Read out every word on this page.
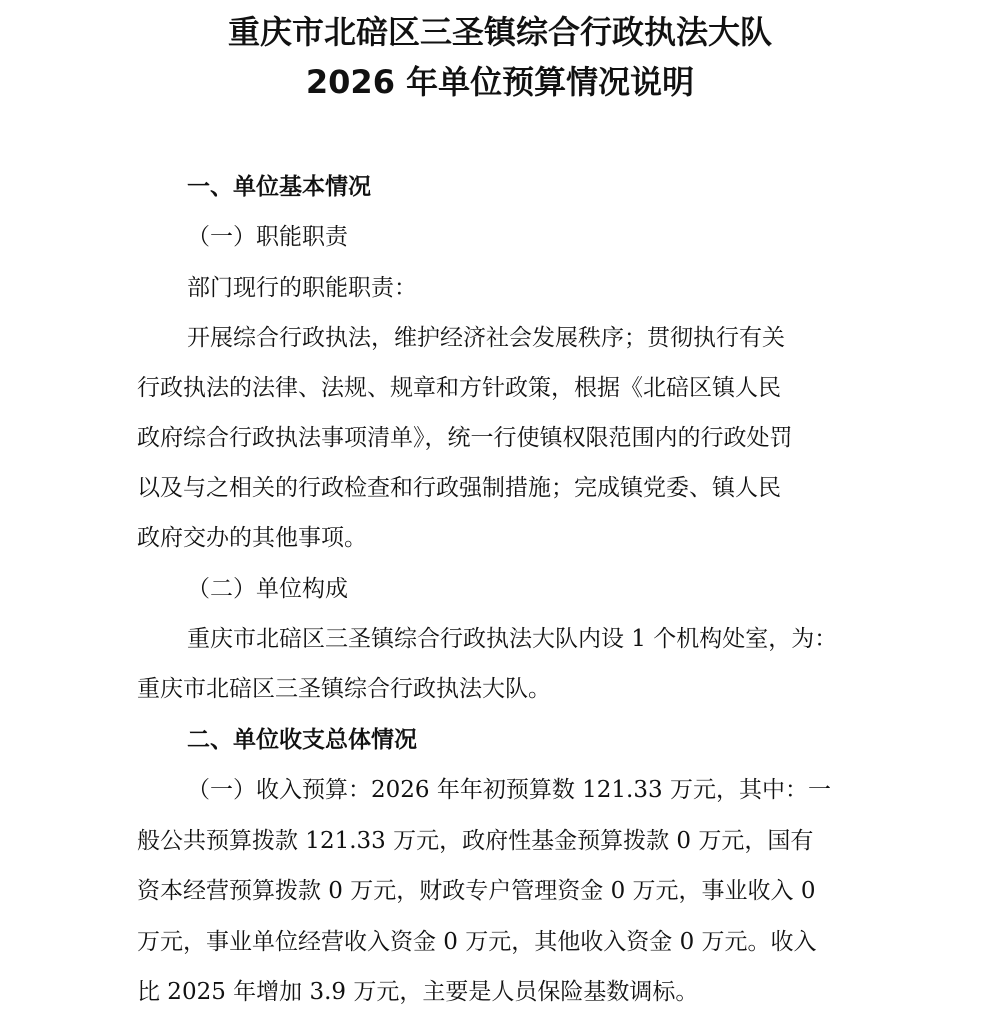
重庆市北碚区三圣镇综合行政执法大队
2026 年单位预算情况说明
一、单位基本情况
（一）职能职责
部门现行的职能职责：
开展综合行政执法，维护经济社会发展秩序；贯彻执行有关
行政执法的法律、法规、规章和方针政策，根据《北碚区镇人民
政府综合行政执法事项清单》，统一行使镇权限范围内的行政处罚
以及与之相关的行政检查和行政强制措施；完成镇党委、镇人民
政府交办的其他事项。
（二）单位构成
重庆市北碚区三圣镇综合行政执法大队内设 1 个机构处室，为：
重庆市北碚区三圣镇综合行政执法大队。
二、单位收支总体情况
（一）收入预算：2026 年年初预算数 121.33 万元，其中：一
般公共预算拨款 121.33 万元，政府性基金预算拨款 0 万元，国有
资本经营预算拨款 0 万元，财政专户管理资金 0 万元，事业收入 0
万元，事业单位经营收入资金 0 万元，其他收入资金 0 万元。收入
比 2025 年增加 3.9 万元，主要是人员保险基数调标。
